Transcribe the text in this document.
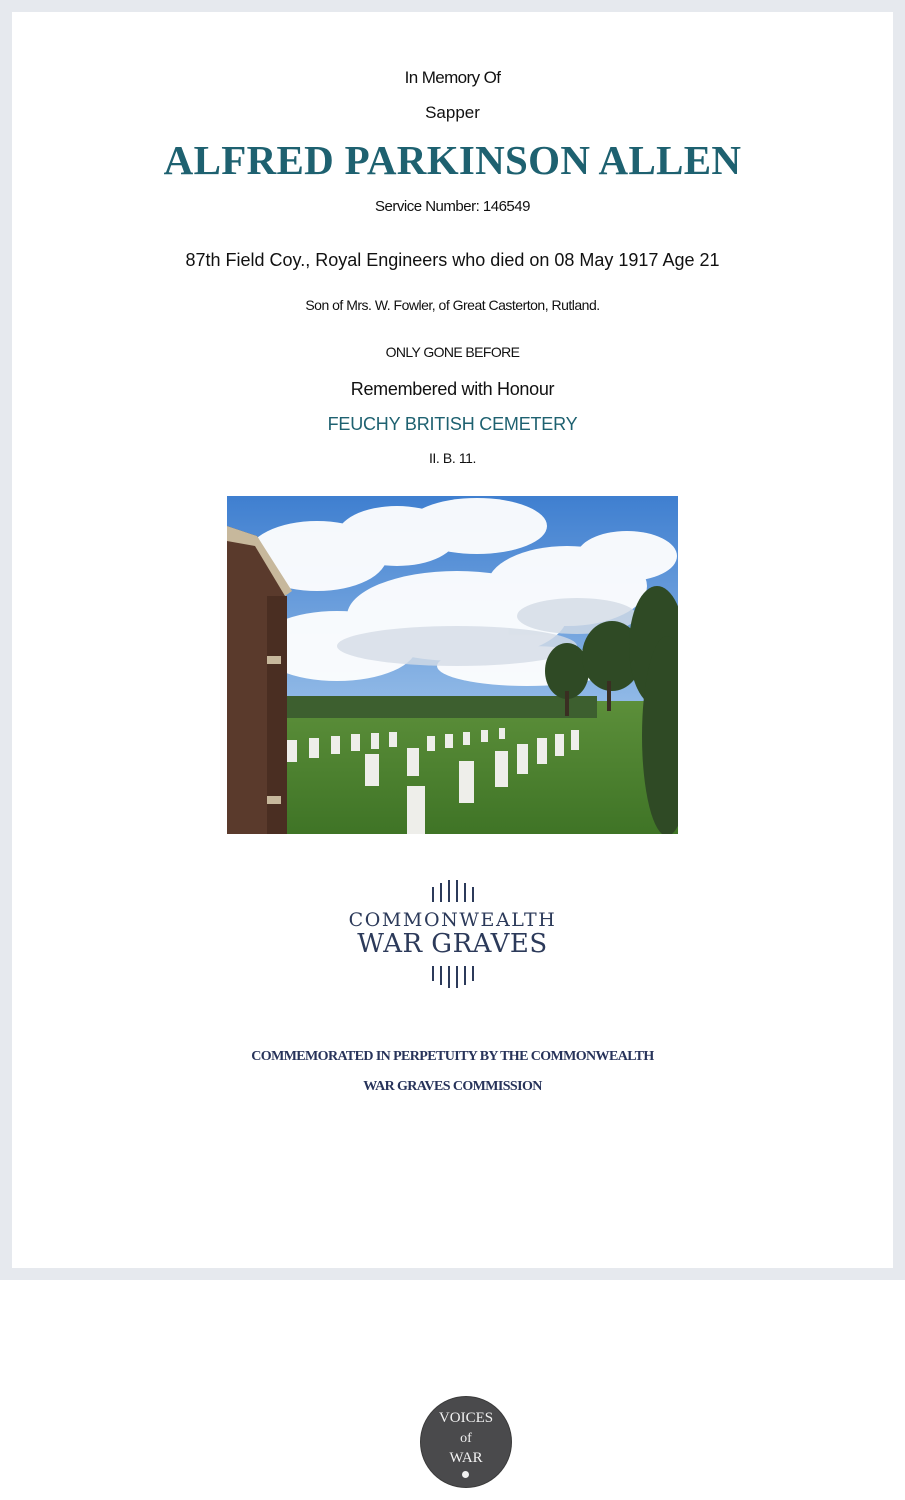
In Memory Of
Sapper
ALFRED PARKINSON ALLEN
Service Number: 146549
87th Field Coy., Royal Engineers who died on 08 May 1917 Age 21
Son of Mrs. W. Fowler, of Great Casterton, Rutland.
ONLY GONE BEFORE
Remembered with Honour
FEUCHY BRITISH CEMETERY
II. B. 11.
COMMONWEALTH
WAR GRAVES
COMMEMORATED IN PERPETUITY BY THE COMMONWEALTH
WAR GRAVES COMMISSION
VOICES
of
WAR
